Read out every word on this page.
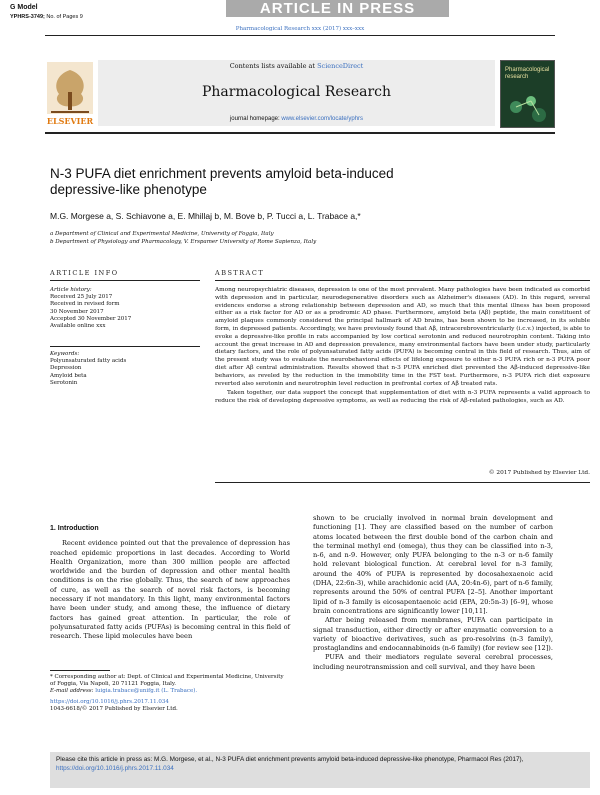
G Model
YPHRS-3749; No. of Pages 9	ARTICLE IN PRESS
Pharmacological Research xxx (2017) xxx–xxx
Contents lists available at ScienceDirect
Pharmacological Research
journal homepage: www.elsevier.com/locate/yphrs
ELSEVIER
Pharmacological research
N-3 PUFA diet enrichment prevents amyloid beta-induced
depressive-like phenotype
M.G. Morgese a, S. Schiavone a, E. Mhillaj b, M. Bove b, P. Tucci a, L. Trabace a,*
a Department of Clinical and Experimental Medicine, University of Foggia, Italy
b Department of Physiology and Pharmacology, V. Erspamer University of Rome Sapienza, Italy
ARTICLE INFO
Article history:
Received 25 July 2017
Received in revised form
30 November 2017
Accepted 30 November 2017
Available online xxx
Keywords:
Polyunsaturated fatty acids
Depression
Amyloid beta
Serotonin
ABSTRACT

Among neuropsychiatric diseases, depression is one of the most prevalent. Many pathologies have been indicated as comorbid with depression and in particular, neurodegenerative disorders such as Alzheimer's diseases (AD). In this regard, several evidences endorse a strong relationship between depression and AD, so much that this mental illness has been proposed either as a risk factor for AD or as a prodromic AD phase. Furthermore, amyloid beta (Aβ) peptide, the main constituent of amyloid plaques commonly considered the principal hallmark of AD brains, has been shown to be increased, in its soluble form, in depressed patients. Accordingly, we have previously found that Aβ, intracerebroventricularly (i.c.v.) injected, is able to evoke a depressive-like profile in rats accompanied by low cortical serotonin and reduced neurotrophin content. Taking into account the great increase in AD and depression prevalence, many environmental factors have been under study, particularly dietary factors, and the role of polyunsaturated fatty acids (PUFA) is becoming central in this field of research. Thus, aim of the present study was to evaluate the neurobehavioral effects of lifelong exposure to either n-3 PUFA rich or n-3 PUFA poor diet after Aβ central administration. Results showed that n-3 PUFA enriched diet prevented the Aβ-induced depressive-like behaviors, as reveled by the reduction in the immobility time in the FST test. Furthermore, n-3 PUFA rich diet exposure reverted also serotonin and neurotrophin level reduction in prefrontal cortex of Aβ treated rats.

Taken together, our data support the concept that supplementation of diet with n-3 PUFA represents a valid approach to reduce the risk of developing depressive symptoms, as well as reducing the risk of Aβ-related pathologies, such as AD.

© 2017 Published by Elsevier Ltd.
1. Introduction

Recent evidence pointed out that the prevalence of depression has reached epidemic proportions in last decades. According to World Health Organization, more than 300 million people are affected worldwide and the burden of depression and other mental health conditions is on the rise globally. Thus, the search of new approaches of cure, as well as the search of novel risk factors, is becoming necessary if not mandatory. In this light, many environmental factors have been under study, and among these, the influence of dietary factors has gained great attention. In particular, the role of polyunsaturated fatty acids (PUFAs) is becoming central in this field of research. These lipid molecules have been

shown to be crucially involved in normal brain development and functioning [1]. They are classified based on the number of carbon atoms located between the first double bond of the carbon chain and the terminal methyl end (omega), thus they can be classified into n-3, n-6, and n-9. However, only PUFA belonging to the n-3 or n-6 family hold relevant biological function. At cerebral level for n-3 family, around the 40% of PUFA is represented by docosahexaenoic acid (DHA, 22:6n-3), while arachidonic acid (AA, 20:4n-6), part of n-6 family, represents around the 50% of central PUFA [2–5]. Another important lipid of n-3 family is eicosapentaenoic acid (EPA, 20:5n-3) [6–9], whose brain concentrations are significantly lower [10,11].

After being released from membranes, PUFA can participate in signal transduction, either directly or after enzymatic conversion to a variety of bioactive derivatives, such as pro-resolvins (n-3 family), prostaglandins and endocannabinoids (n-6 family) (for review see [12]).

PUFA and their mediators regulate several cerebral processes, including neurotransmission and cell survival, and they have been

* Corresponding author at: Dept. of Clinical and Experimental Medicine, University of Foggia, Via Napoli, 20 71121 Foggia, Italy.
E-mail address: luigia.trabace@unifg.it (L. Trabace).
https://doi.org/10.1016/j.phrs.2017.11.034
1043-6618/© 2017 Published by Elsevier Ltd.
Please cite this article in press as: M.G. Morgese, et al., N-3 PUFA diet enrichment prevents amyloid beta-induced depressive-like phenotype, Pharmacol Res (2017), https://doi.org/10.1016/j.phrs.2017.11.034
